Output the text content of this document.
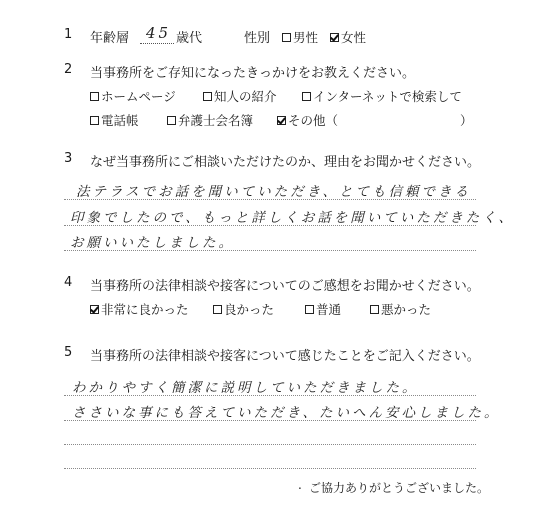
1 年齢層 45 歳代	性別 男性 女性
2 当事務所をご存知になったきっかけをお教えください。
ホームページ	知人の紹介	インターネットで検索して
電話帳	弁護士会名簿	その他（	）
3 なぜ当事務所にご相談いただけたのか、理由をお聞かせください。
法テラスでお話を聞いていただき、とても信頼できる
印象でしたので、もっと詳しくお話を聞いていただきたく、
お願いいたしました。
4 当事務所の法律相談や接客についてのご感想をお聞かせください。
非常に良かった	良かった	普通	悪かった
5 当事務所の法律相談や接客について感じたことをご記入ください。
わかりやすく簡潔に説明していただきました。
ささいな事にも答えていただき、たいへん安心しました。
. ご協力ありがとうございました。
